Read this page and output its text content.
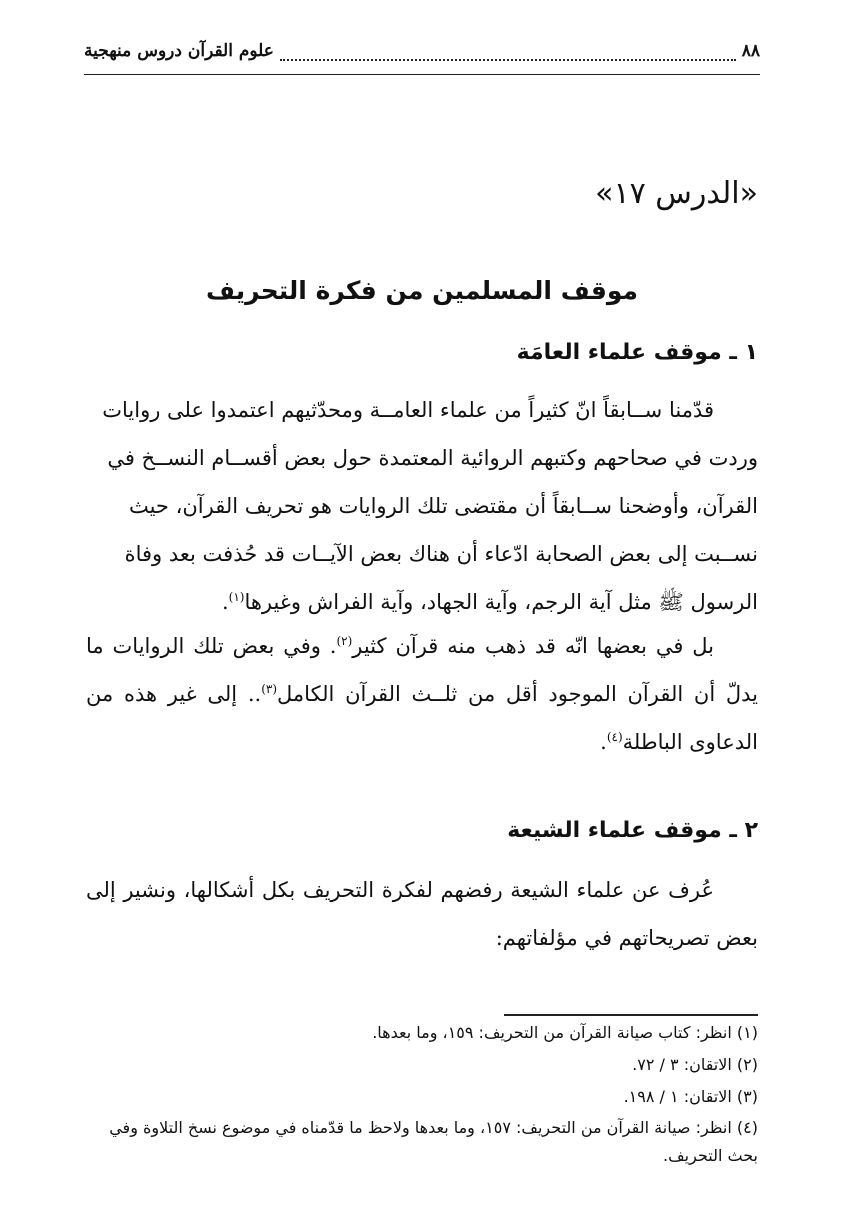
٨٨
علوم القرآن دروس منهجية
«الدرس ١٧»
موقف المسلمين من فكرة التحريف
١ ـ موقف علماء العامَة
قدّمنا ســابقاً انّ كثيراً من علماء العامــة ومحدّثيهم اعتمدوا على روايات
وردت في صحاحهم وكتبهم الروائية المعتمدة حول بعض أقســام النســخ في
القرآن، وأوضحنا ســابقاً أن مقتضى تلك الروايات هو تحريف القرآن، حيث
نســبت إلى بعض الصحابة ادّعاء أن هناك بعض الآيــات قد حُذفت بعد وفاة
الرسول ﷺ مثل آية الرجم، وآية الجهاد، وآية الفراش وغيرها$^{(١)}$.

بل في بعضها انّه قد ذهب منه قرآن كثير$^{(٢)}$. وفي بعض تلك الروايات ما يدلّ أن القرآن الموجود أقل من ثلــث القرآن الكامل$^{(٣)}$.. إلى غير هذه من الدعاوى الباطلة$^{(٤)}$.

٢ ـ موقف علماء الشيعة

عُرف عن علماء الشيعة رفضهم لفكرة التحريف بكل أشكالها، ونشير إلى بعض تصريحاتهم في مؤلفاتهم:

(١) انظر: كتاب صيانة القرآن من التحريف: ١٥٩، وما بعدها.
(٢) الاتقان: ٣ / ٧٢.
(٣) الاتقان: ١ / ١٩٨.
(٤) انظر: صيانة القرآن من التحريف: ١٥٧، وما بعدها ولاحظ ما قدّمناه في موضوع نسخ التلاوة وفي بحث التحريف.
